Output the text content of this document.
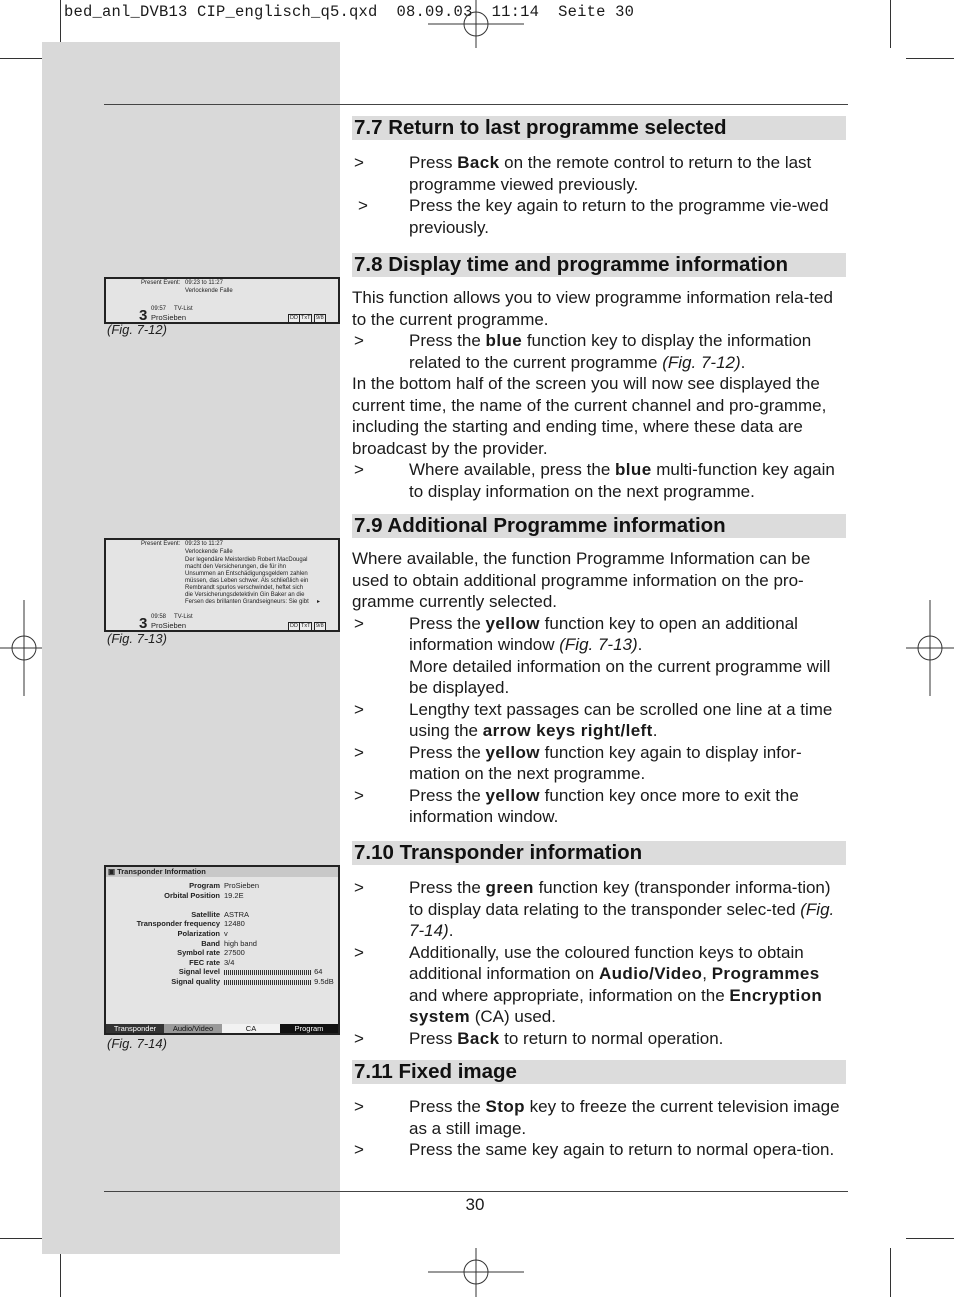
bed_anl_DVB13 CIP_englisch_q5.qxd  08.09.03  11:14  Seite 30
7.7 Return to last programme selected

>	Press Back on the remote control to return to the last programme viewed previously.

> Press the key again to return to the programme vie-wed previously.

7.8 Display time and programme information

This function allows you to view programme information rela-ted to the current programme.

>	Press the blue function key to display the information related to the current programme (Fig. 7-12).

In the bottom half of the screen you will now see displayed the current time, the name of the current channel and pro-gramme, including the starting and ending time, where these data are broadcast by the provider.

>	Where available, press the blue multi-function key again to display information on the next programme.

7.9 Additional Programme information

Where available, the function Programme Information can be used to obtain additional programme information on the pro-gramme currently selected.

>	Press the yellow function key to open an additional information window (Fig. 7-13).

More detailed information on the current programme will be displayed.

>	Lengthy text passages can be scrolled one line at a time using the arrow keys right/left.

>	Press the yellow function key again to display infor-mation on the next programme.

>	Press the yellow function key once more to exit the information window.

7.10 Transponder information

>	Press the green function key (transponder informa-tion) to display data relating to the transponder selec-ted (Fig. 7-14).

>	Additionally, use the coloured function keys to obtain additional information on Audio/Video, Programmes and where appropriate, information on the Encryption system (CA) used.

>	Press Back to return to normal operation.

7.11 Fixed image

>	Press the Stop key to freeze the current television image as a still image.

>	Press the same key again to return to normal opera-tion.

Present Event: 09:23 to 11:27
Verlockende Falle
09:57 TV-List
3 ProSieben	DD TxT	9/8
(Fig. 7-12)
Present Event: 09:23 to 11:27
Verlockende Falle
Der legendäre Meisterdieb Robert MacDougal
macht den Versicherungen, die für ihn
Unsummen an Entschädigungsgeldern zahlen
müssen, das Leben schwer. Als schließlich ein
Rembrandt spurlos verschwindet, heftet sich
die Versicherungsdetektivin Gin Baker an die
Fersen des brillanten Grandseigneurs: Sie gibt ▸
09:58 TV-List
3 ProSieben	DD TxT	9/8
(Fig. 7-13)
▣ Transponder Information
Program ProSieben
Orbital Position 19.2E
Satellite ASTRA
Transponder frequency 12480
Polarization v
Band high band
Symbol rate 27500
FEC rate 3/4
Signal level	64
Signal quality	9.5dB
Transponder	Audio/Video	CA	Program
(Fig. 7-14)
30
